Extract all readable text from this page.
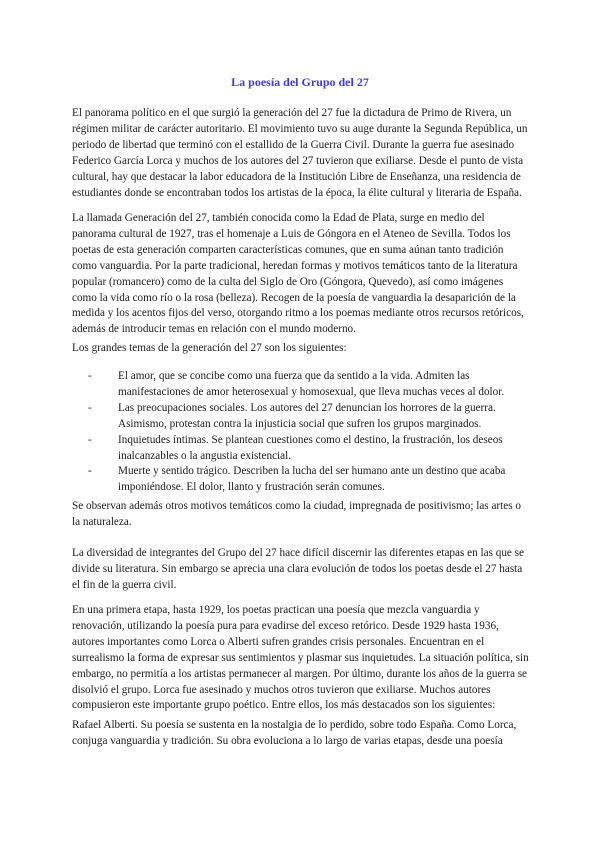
La poesía del Grupo del 27

El panorama político en el que surgió la generación del 27 fue la dictadura de Primo de Rivera, un régimen militar de carácter autoritario. El movimiento tuvo su auge durante la Segunda República, un periodo de libertad que terminó con el estallido de la Guerra Civil. Durante la guerra fue asesinado Federico García Lorca y muchos de los autores del 27 tuvieron que exiliarse. Desde el punto de vista cultural, hay que destacar la labor educadora de la Institución Libre de Enseñanza, una residencia de estudiantes donde se encontraban todos los artistas de la época, la élite cultural y literaria de España.

La llamada Generación del 27, también conocida como la Edad de Plata, surge en medio del panorama cultural de 1927, tras el homenaje a Luis de Góngora en el Ateneo de Sevilla. Todos los poetas de esta generación comparten características comunes, que en suma aúnan tanto tradición como vanguardia. Por la parte tradicional, heredan formas y motivos temáticos tanto de la literatura popular (romancero) como de la culta del Siglo de Oro (Góngora, Quevedo), así como imágenes como la vida como río o la rosa (belleza). Recogen de la poesía de vanguardia la desaparición de la medida y los acentos fijos del verso, otorgando ritmo a los poemas mediante otros recursos retóricos, además de introducir temas en relación con el mundo moderno.

Los grandes temas de la generación del 27 son los siguientes:

- El amor, que se concibe como una fuerza que da sentido a la vida. Admiten las manifestaciones de amor heterosexual y homosexual, que lleva muchas veces al dolor.
- Las preocupaciones sociales. Los autores del 27 denuncian los horrores de la guerra. Asimismo, protestan contra la injusticia social que sufren los grupos marginados.
- Inquietudes íntimas. Se plantean cuestiones como el destino, la frustración, los deseos inalcanzables o la angustia existencial.
- Muerte y sentido trágico. Describen la lucha del ser humano ante un destino que acaba imponiéndose. El dolor, llanto y frustración serán comunes.

Se observan además otros motivos temáticos como la ciudad, impregnada de positivismo; las artes o la naturaleza.

La diversidad de integrantes del Grupo del 27 hace difícil discernir las diferentes etapas en las que se divide su literatura. Sin embargo se aprecia una clara evolución de todos los poetas desde el 27 hasta el fin de la guerra civil.

En una primera etapa, hasta 1929, los poetas practican una poesía que mezcla vanguardia y renovación, utilizando la poesía pura para evadirse del exceso retórico. Desde 1929 hasta 1936, autores importantes como Lorca o Alberti sufren grandes crisis personales. Encuentran en el surrealismo la forma de expresar sus sentimientos y plasmar sus inquietudes. La situación política, sin embargo, no permitía a los artistas permanecer al margen. Por último, durante los años de la guerra se disolvió el grupo. Lorca fue asesinado y muchos otros tuvieron que exiliarse. Muchos autores compusieron este importante grupo poético. Entre ellos, los más destacados son los siguientes:

Rafael Alberti. Su poesía se sustenta en la nostalgia de lo perdido, sobre todo España. Como Lorca, conjuga vanguardia y tradición. Su obra evoluciona a lo largo de varias etapas, desde una poesía
